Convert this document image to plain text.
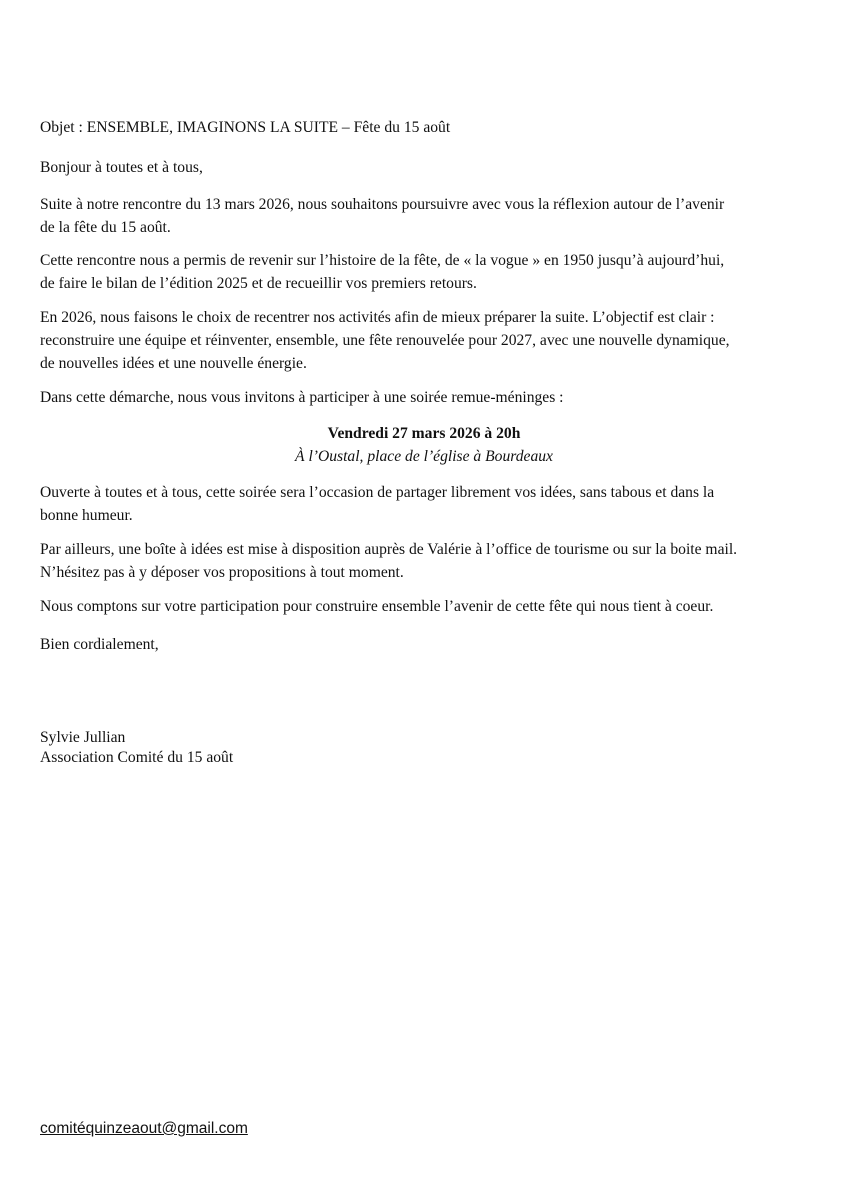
Objet : ENSEMBLE, IMAGINONS LA SUITE – Fête du 15 août
Bonjour à toutes et à tous,
Suite à notre rencontre du 13 mars 2026, nous souhaitons poursuivre avec vous la réflexion autour de l’avenir
de la fête du 15 août.
Cette rencontre nous a permis de revenir sur l’histoire de la fête, de « la vogue » en 1950 jusqu’à aujourd’hui,
de faire le bilan de l’édition 2025 et de recueillir vos premiers retours.
En 2026, nous faisons le choix de recentrer nos activités afin de mieux préparer la suite. L’objectif est clair :
reconstruire une équipe et réinventer, ensemble, une fête renouvelée pour 2027, avec une nouvelle dynamique,
de nouvelles idées et une nouvelle énergie.
Dans cette démarche, nous vous invitons à participer à une soirée remue-méninges :
Vendredi 27 mars 2026 à 20h
À l’Oustal, place de l’église à Bourdeaux
Ouverte à toutes et à tous, cette soirée sera l’occasion de partager librement vos idées, sans tabous et dans la
bonne humeur.
Par ailleurs, une boîte à idées est mise à disposition auprès de Valérie à l’office de tourisme ou sur la boite mail.
N’hésitez pas à y déposer vos propositions à tout moment.
Nous comptons sur votre participation pour construire ensemble l’avenir de cette fête qui nous tient à coeur.
Bien cordialement,
Sylvie Jullian
Association Comité du 15 août
comitéquinzeaout@gmail.com
